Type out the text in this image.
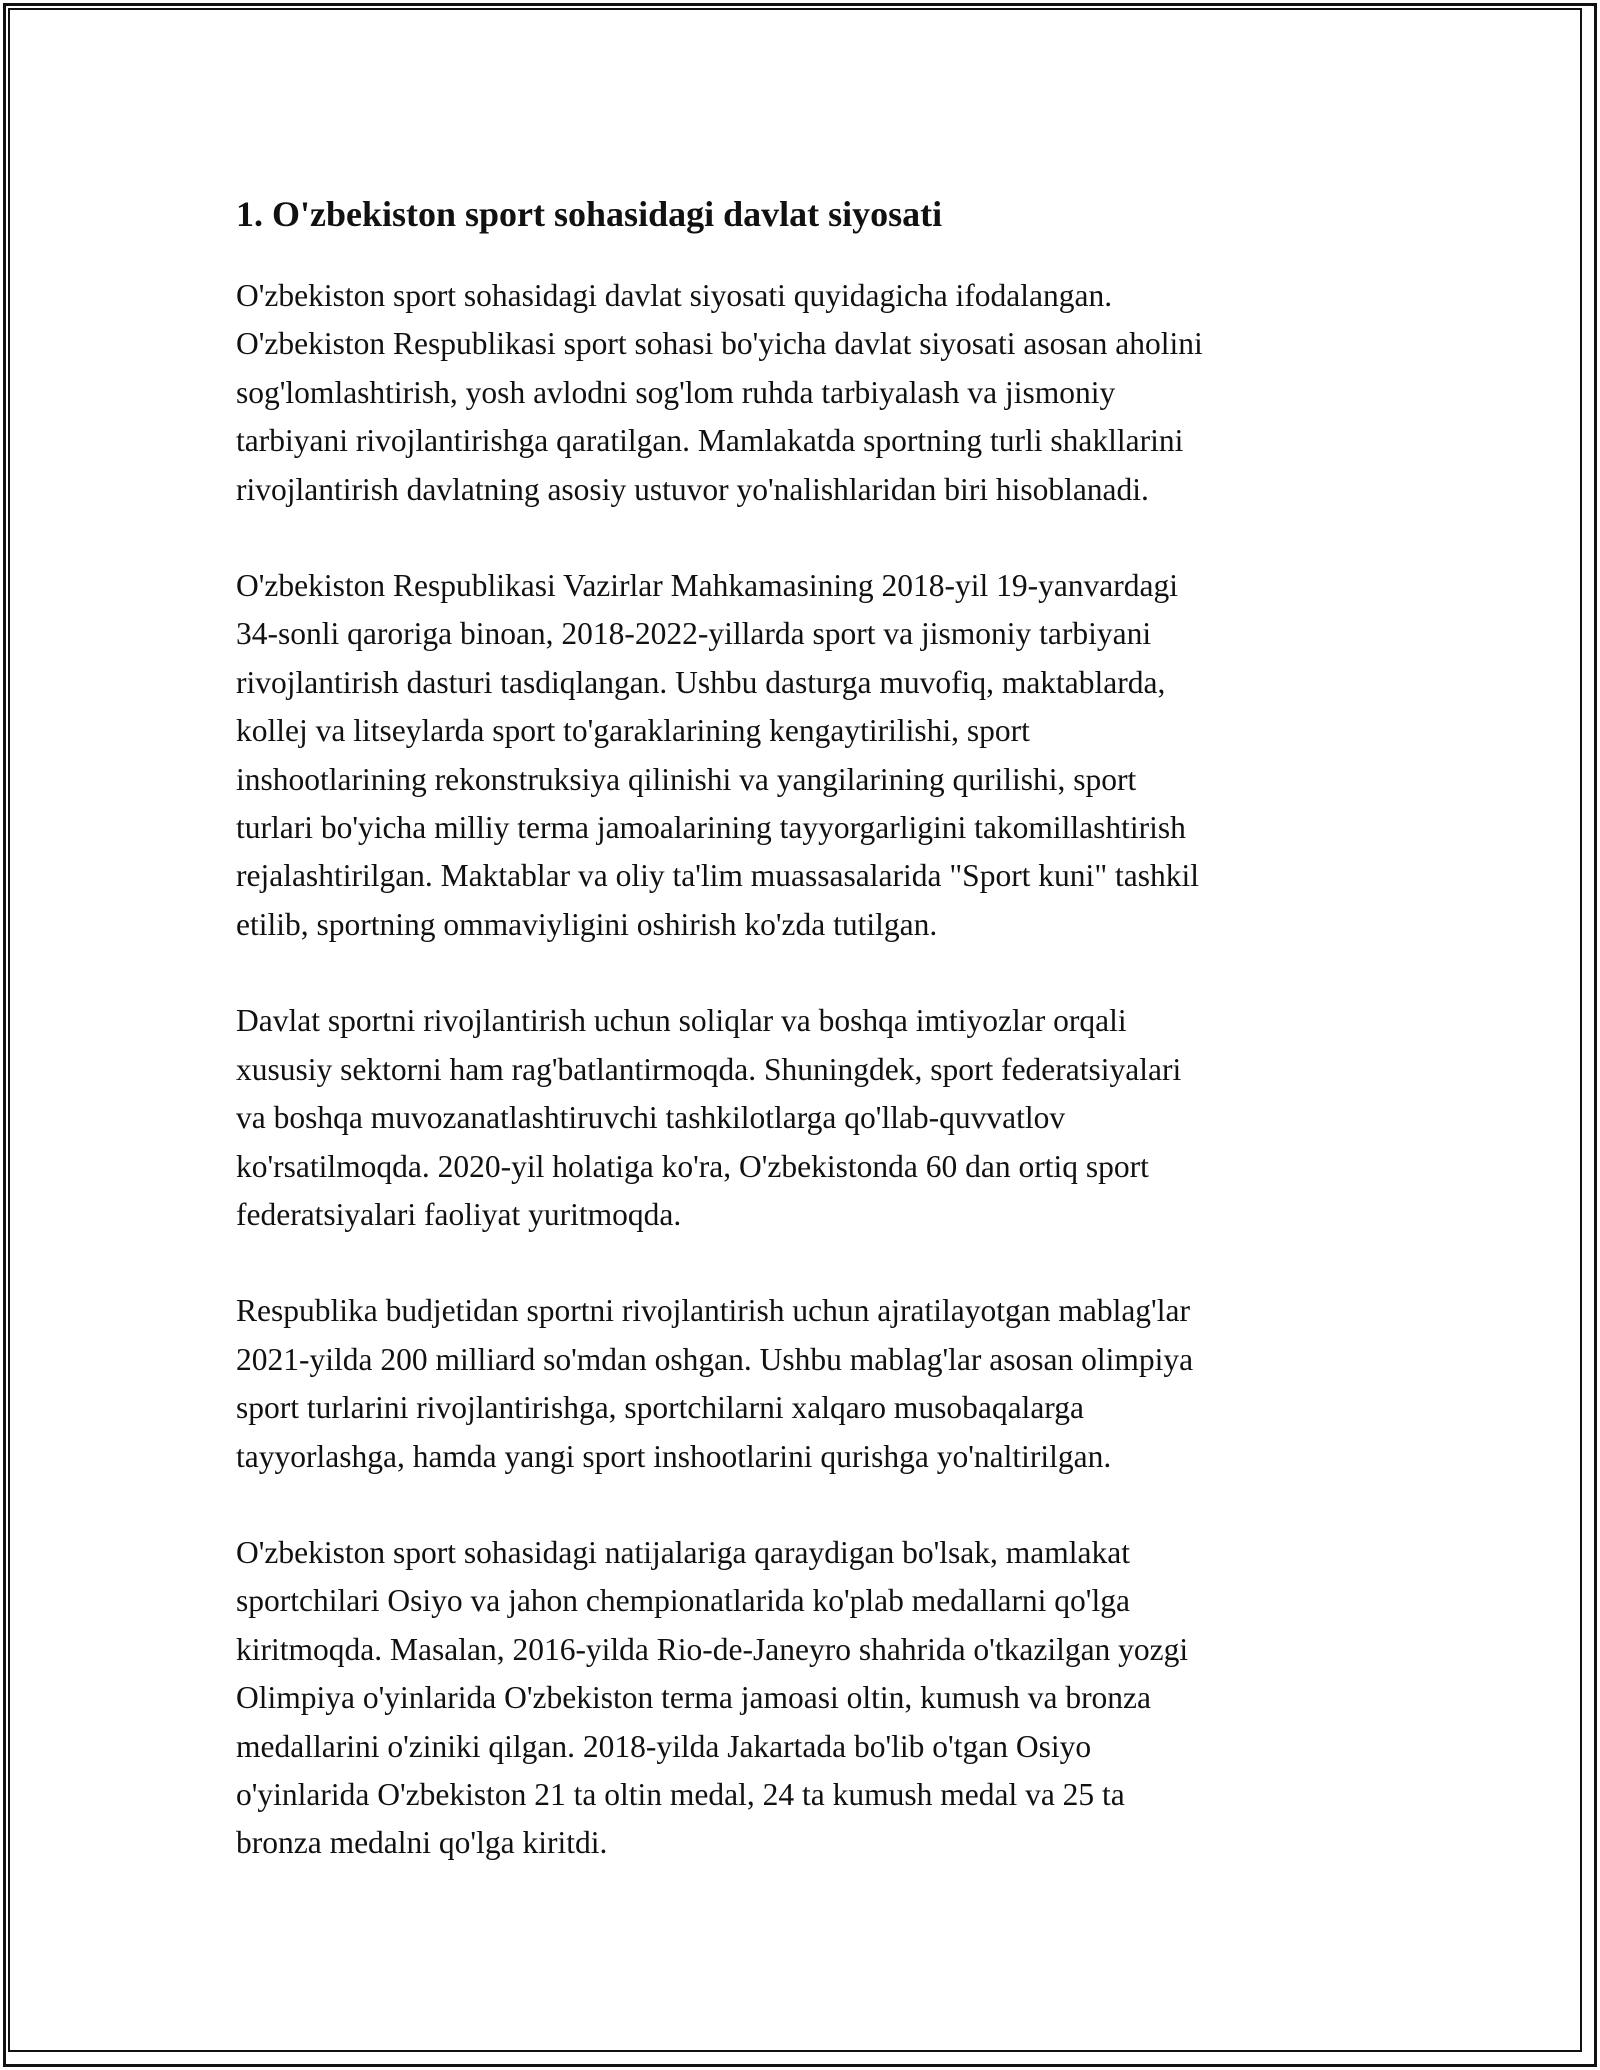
1. O'zbekiston sport sohasidagi davlat siyosati
O'zbekiston sport sohasidagi davlat siyosati quyidagicha ifodalangan.
O'zbekiston Respublikasi sport sohasi bo'yicha davlat siyosati asosan aholini
sog'lomlashtirish, yosh avlodni sog'lom ruhda tarbiyalash va jismoniy
tarbiyani rivojlantirishga qaratilgan. Mamlakatda sportning turli shakllarini
rivojlantirish davlatning asosiy ustuvor yo'nalishlaridan biri hisoblanadi.
O'zbekiston Respublikasi Vazirlar Mahkamasining 2018-yil 19-yanvardagi
34-sonli qaroriga binoan, 2018-2022-yillarda sport va jismoniy tarbiyani
rivojlantirish dasturi tasdiqlangan. Ushbu dasturga muvofiq, maktablarda,
kollej va litseylarda sport to'garaklarining kengaytirilishi, sport
inshootlarining rekonstruksiya qilinishi va yangilarining qurilishi, sport
turlari bo'yicha milliy terma jamoalarining tayyorgarligini takomillashtirish
rejalashtirilgan. Maktablar va oliy ta'lim muassasalarida "Sport kuni" tashkil
etilib, sportning ommaviyligini oshirish ko'zda tutilgan.
Davlat sportni rivojlantirish uchun soliqlar va boshqa imtiyozlar orqali
xususiy sektorni ham rag'batlantirmoqda. Shuningdek, sport federatsiyalari
va boshqa muvozanatlashtiruvchi tashkilotlarga qo'llab-quvvatlov
ko'rsatilmoqda. 2020-yil holatiga ko'ra, O'zbekistonda 60 dan ortiq sport
federatsiyalari faoliyat yuritmoqda.
Respublika budjetidan sportni rivojlantirish uchun ajratilayotgan mablag'lar
2021-yilda 200 milliard so'mdan oshgan. Ushbu mablag'lar asosan olimpiya
sport turlarini rivojlantirishga, sportchilarni xalqaro musobaqalarga
tayyorlashga, hamda yangi sport inshootlarini qurishga yo'naltirilgan.
O'zbekiston sport sohasidagi natijalariga qaraydigan bo'lsak, mamlakat
sportchilari Osiyo va jahon chempionatlarida ko'plab medallarni qo'lga
kiritmoqda. Masalan, 2016-yilda Rio-de-Janeyro shahrida o'tkazilgan yozgi
Olimpiya o'yinlarida O'zbekiston terma jamoasi oltin, kumush va bronza
medallarini o'ziniki qilgan. 2018-yilda Jakartada bo'lib o'tgan Osiyo
o'yinlarida O'zbekiston 21 ta oltin medal, 24 ta kumush medal va 25 ta
bronza medalni qo'lga kiritdi.
